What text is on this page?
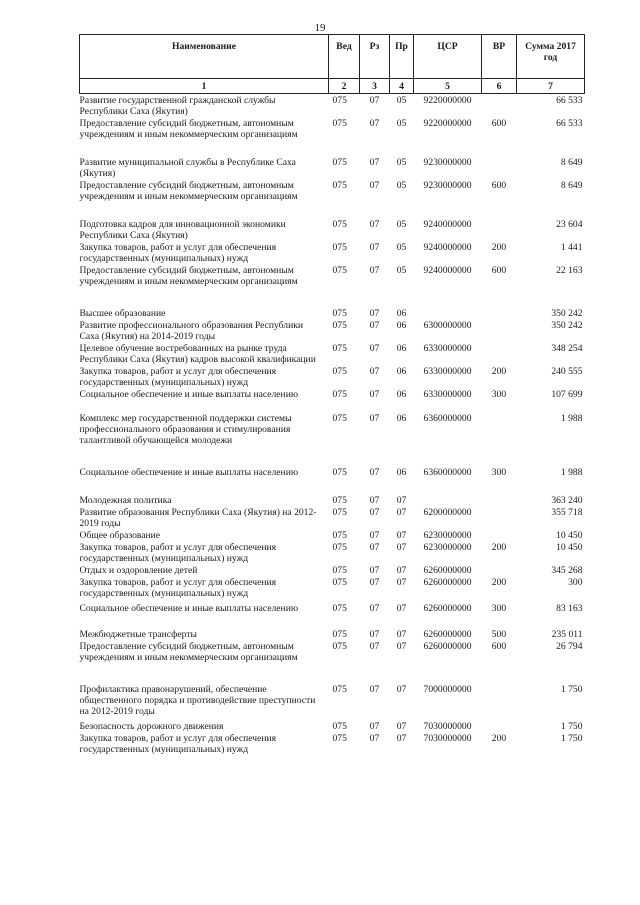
19
Наименование	Вед	Рз	Пр	ЦСР	ВР	Сумма 2017 год
1	2	3	4	5	6	7
Развитие государственной гражданской службы Республики Саха (Якутия)	075	07	05	9220000000		66 533
Предоставление субсидий бюджетным, автономным учреждениям и иным некоммерческим организациям	075	07	05	9220000000	600	66 533
Развитие муниципальной службы в Республике Саха (Якутия)	075	07	05	9230000000		8 649
Предоставление субсидий бюджетным, автономным учреждениям и иным некоммерческим организациям	075	07	05	9230000000	600	8 649
Подготовка кадров для инновационной экономики Республики Саха (Якутия)	075	07	05	9240000000		23 604
Закупка товаров, работ и услуг для обеспечения государственных (муниципальных) нужд	075	07	05	9240000000	200	1 441
Предоставление субсидий бюджетным, автономным учреждениям и иным некоммерческим организациям	075	07	05	9240000000	600	22 163
Высшее образование	075	07	06			350 242
Развитие профессионального образования Республики Саха (Якутия) на 2014-2019 годы	075	07	06	6300000000		350 242
Целевое обучение востребованных на рынке труда Республики Саха (Якутия) кадров высокой квалификации	075	07	06	6330000000		348 254
Закупка товаров, работ и услуг для обеспечения государственных (муниципальных) нужд	075	07	06	6330000000	200	240 555
Социальное обеспечение и иные выплаты населению	075	07	06	6330000000	300	107 699
Комплекс мер государственной поддержки системы профессионального образования и стимулирования талантливой обучающейся молодежи	075	07	06	6360000000		1 988
Социальное обеспечение и иные выплаты населению	075	07	06	6360000000	300	1 988
Молодежная политика	075	07	07			363 240
Развитие образования Республики Саха (Якутия) на 2012-2019 годы	075	07	07	6200000000		355 718
Общее образование	075	07	07	6230000000		10 450
Закупка товаров, работ и услуг для обеспечения государственных (муниципальных) нужд	075	07	07	6230000000	200	10 450
Отдых и оздоровление детей	075	07	07	6260000000		345 268
Закупка товаров, работ и услуг для обеспечения государственных (муниципальных) нужд	075	07	07	6260000000	200	300
Социальное обеспечение и иные выплаты населению	075	07	07	6260000000	300	83 163
Межбюджетные трансферты	075	07	07	6260000000	500	235 011
Предоставление субсидий бюджетным, автономным учреждениям и иным некоммерческим организациям	075	07	07	6260000000	600	26 794
Профилактика правонарушений, обеспечение общественного порядка и противодействие преступности на 2012-2019 годы	075	07	07	7000000000		1 750
Безопасность дорожного движения	075	07	07	7030000000		1 750
Закупка товаров, работ и услуг для обеспечения государственных (муниципальных) нужд	075	07	07	7030000000	200	1 750
